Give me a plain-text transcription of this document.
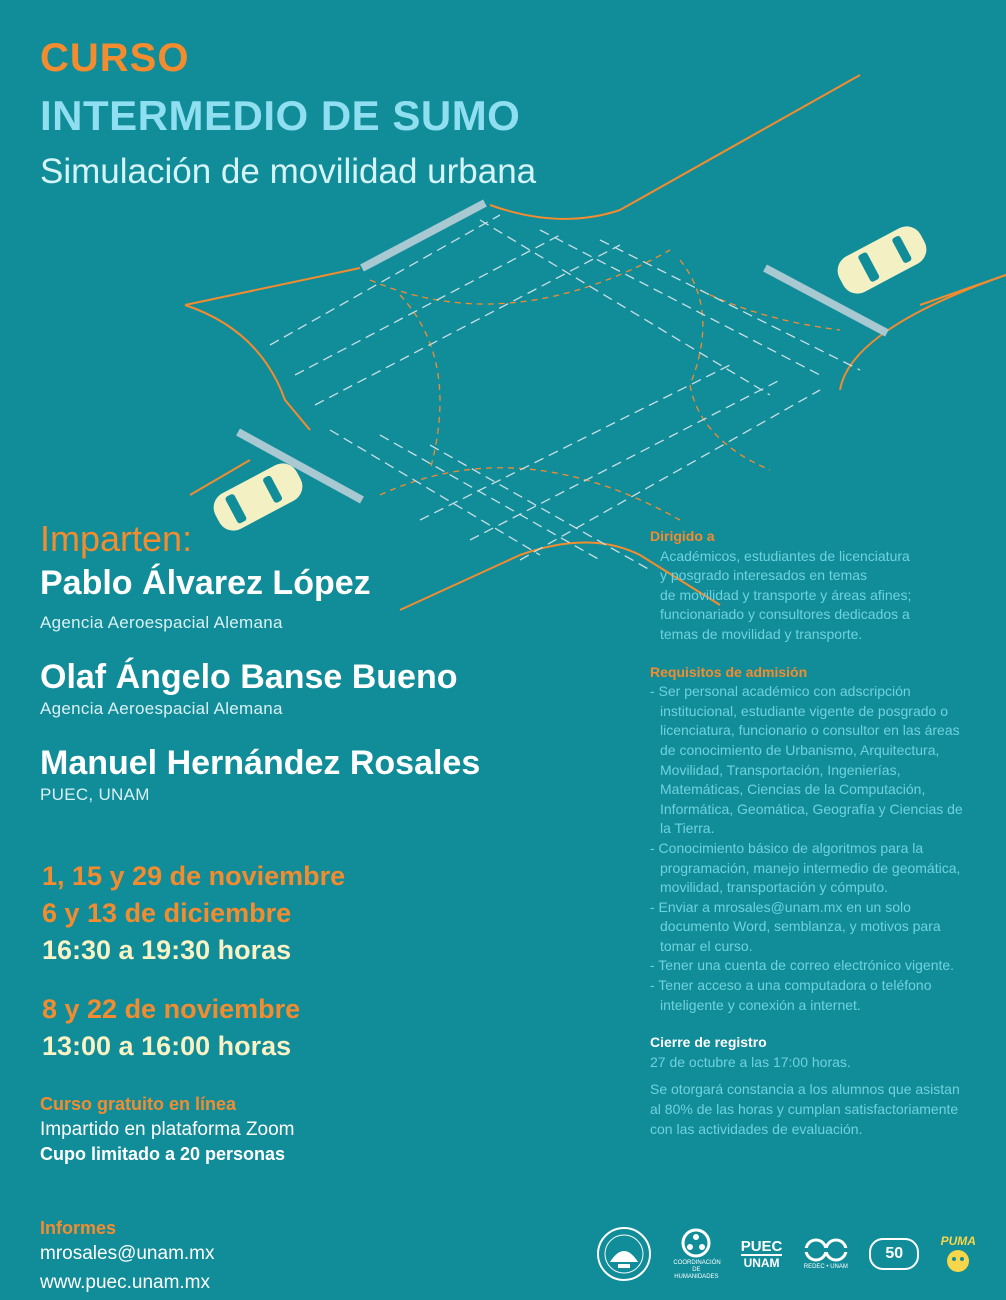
CURSO
INTERMEDIO DE SUMO
Simulación de movilidad urbana
Imparten:
Pablo Álvarez López
Agencia Aeroespacial Alemana
Olaf Ángelo Banse Bueno
Agencia Aeroespacial Alemana
Manuel Hernández Rosales
PUEC, UNAM
1, 15 y 29 de noviembre
6 y 13 de diciembre
16:30 a 19:30 horas
8 y 22 de noviembre
13:00 a 16:00 horas
Curso gratuito en línea
Impartido en plataforma Zoom
Cupo limitado a 20 personas
Informes
mrosales@unam.mx
www.puec.unam.mx
Dirigido a
Académicos, estudiantes de licenciatura
y posgrado interesados en temas
de movilidad y transporte y áreas afines;
funcionariado y consultores dedicados a
temas de movilidad y transporte.
Requisitos de admisión
- Ser personal académico con adscripción institucional, estudiante vigente de posgrado o licenciatura, funcionario o consultor en las áreas de conocimiento de Urbanismo, Arquitectura, Movilidad, Transportación, Ingenierías, Matemáticas, Ciencias de la Computación, Informática, Geomática, Geografía y Ciencias de la Tierra.
- Conocimiento básico de algoritmos para la programación, manejo intermedio de geomática, movilidad, transportación y cómputo.
- Enviar a mrosales@unam.mx en un solo documento Word, semblanza, y motivos para tomar el curso.
- Tener una cuenta de correo electrónico vigente.
- Tener acceso a una computadora o teléfono inteligente y conexión a internet.
Cierre de registro
27 de octubre a las 17:00 horas.
Se otorgará constancia a los alumnos que asistan al 80% de las horas y cumplan satisfactoriamente con las actividades de evaluación.
COORDINACIÓN DE HUMANIDADES
PUEC
UNAM	REDEC • UNAM
50
PUMA
